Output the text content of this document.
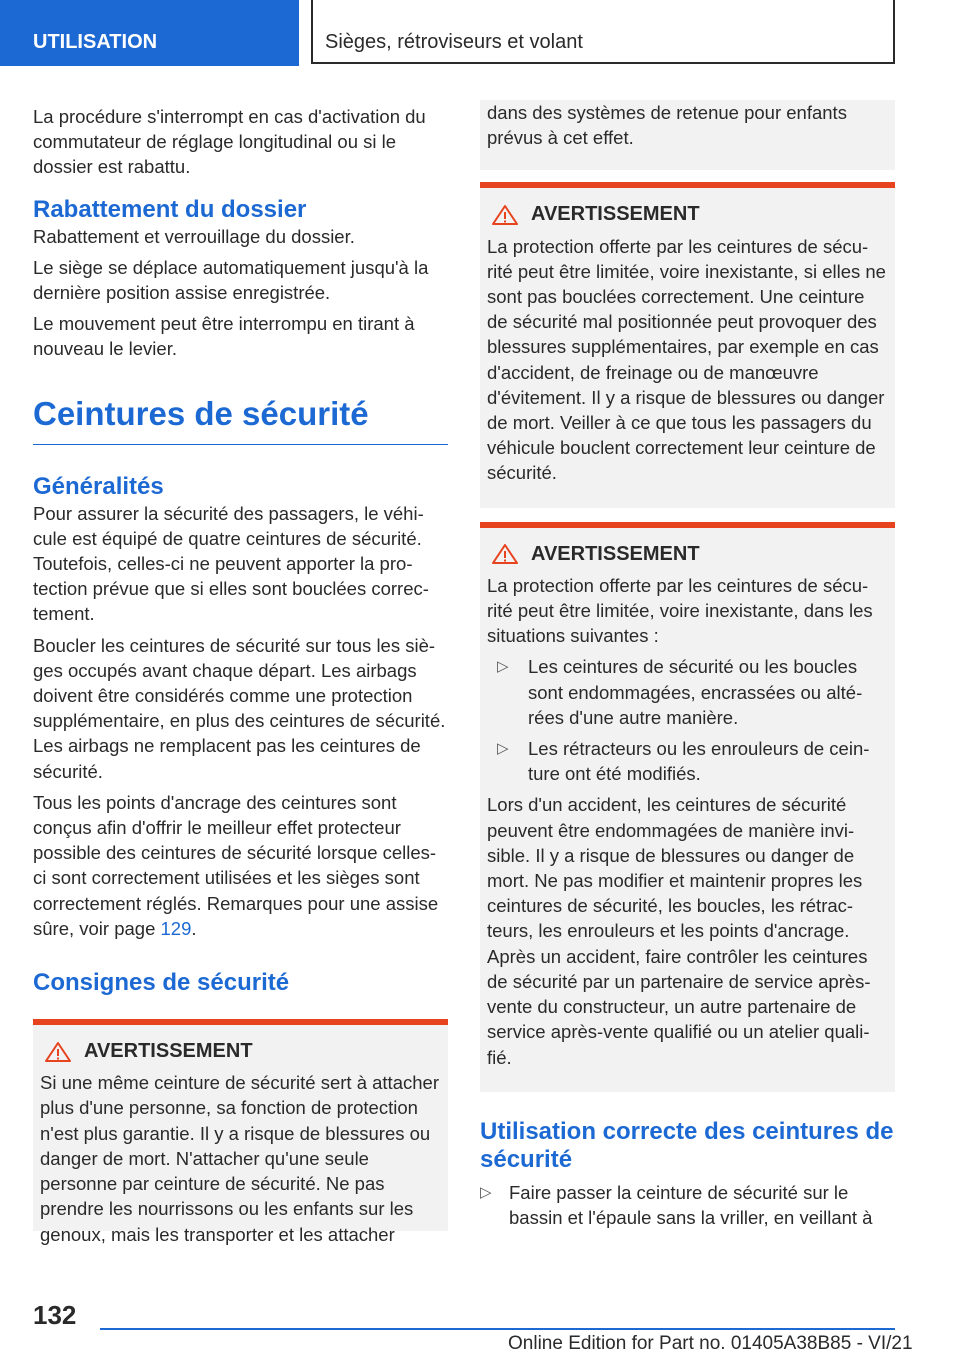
UTILISATION	Sièges, rétroviseurs et volant

La procédure s'interrompt en cas d'activation du commutateur de réglage longitudinal ou si le dossier est rabattu.

Rabattement du dossier

Rabattement et verrouillage du dossier.

Le siège se déplace automatiquement jusqu'à la dernière position assise enregistrée.

Le mouvement peut être interrompu en tirant à nouveau le levier.

Ceintures de sécurité
Généralités

Pour assurer la sécurité des passagers, le véhicule est équipé de quatre ceintures de sécurité. Toutefois, celles-ci ne peuvent apporter la protection prévue que si elles sont bouclées correctement.

Boucler les ceintures de sécurité sur tous les sièges occupés avant chaque départ. Les airbags doivent être considérés comme une protection supplémentaire, en plus des ceintures de sécurité. Les airbags ne remplacent pas les ceintures de sécurité.

Tous les points d'ancrage des ceintures sont conçus afin d'offrir le meilleur effet protecteur possible des ceintures de sécurité lorsque celles-ci sont correctement utilisées et les sièges sont correctement réglés. Remarques pour une assise sûre, voir page 129.

Consignes de sécurité
AVERTISSEMENT

Si une même ceinture de sécurité sert à attacher plus d'une personne, sa fonction de protection n'est plus garantie. Il y a risque de blessures ou danger de mort. N'attacher qu'une seule personne par ceinture de sécurité. Ne pas prendre les nourrissons ou les enfants sur les genoux, mais les transporter et les attacher

dans des systèmes de retenue pour enfants prévus à cet effet.

AVERTISSEMENT

La protection offerte par les ceintures de sécurité peut être limitée, voire inexistante, si elles ne sont pas bouclées correctement. Une ceinture de sécurité mal positionnée peut provoquer des blessures supplémentaires, par exemple en cas d'accident, de freinage ou de manœuvre d'évitement. Il y a risque de blessures ou danger de mort. Veiller à ce que tous les passagers du véhicule bouclent correctement leur ceinture de sécurité.

AVERTISSEMENT

La protection offerte par les ceintures de sécurité peut être limitée, voire inexistante, dans les situations suivantes :

▷	Les ceintures de sécurité ou les boucles sont endommagées, encrassées ou altérées d'une autre manière.
▷	Les rétracteurs ou les enrouleurs de ceinture ont été modifiés.

Lors d'un accident, les ceintures de sécurité peuvent être endommagées de manière invisible. Il y a risque de blessures ou danger de mort. Ne pas modifier et maintenir propres les ceintures de sécurité, les boucles, les rétracteurs, les enrouleurs et les points d'ancrage. Après un accident, faire contrôler les ceintures de sécurité par un partenaire de service après-vente du constructeur, un autre partenaire de service après-vente qualifié ou un atelier qualifié.

Utilisation correcte des ceintures de sécurité
▷ Faire passer la ceinture de sécurité sur le bassin et l'épaule sans la vriller, en veillant à
132
Online Edition for Part no. 01405A38B85 - VI/21
